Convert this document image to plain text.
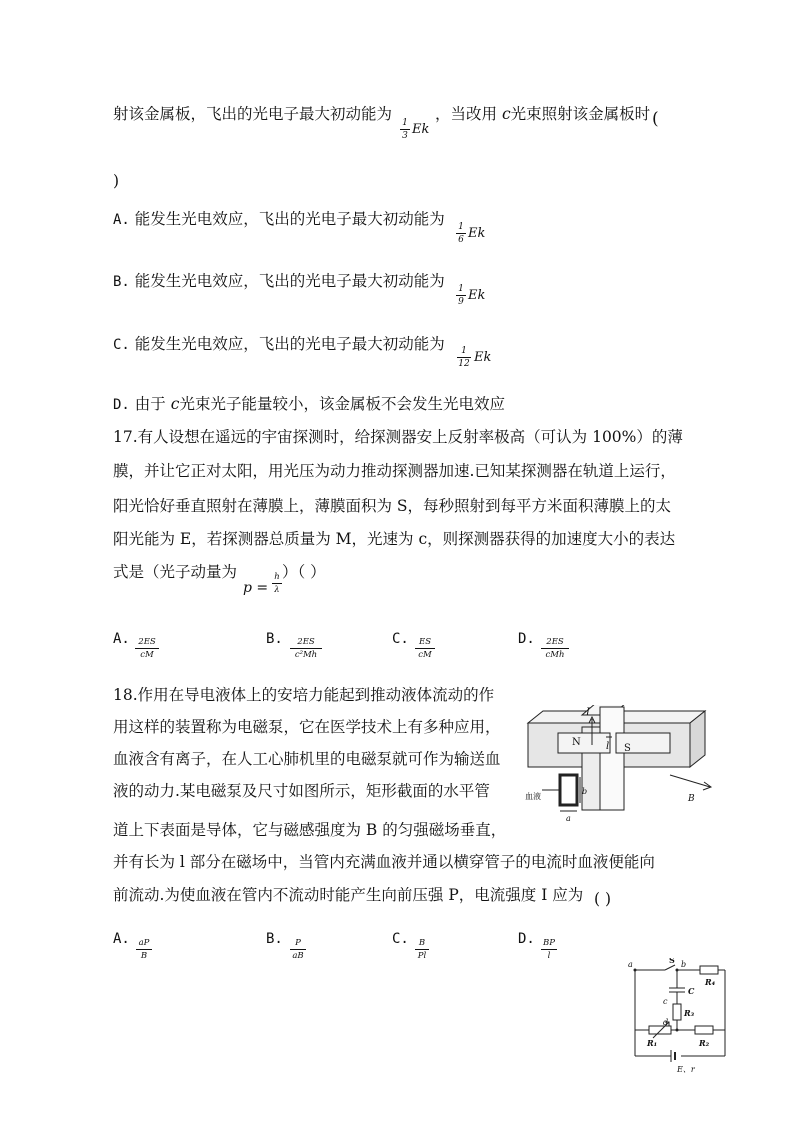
射该金属板，飞出的光电子最大初动能为 1
3 Ek
，当改用 c光束照射该金属板时 (
)
A. 能发生光电效应，飞出的光电子最大初动能为 1
6 Ek
B. 能发生光电效应，飞出的光电子最大初动能为 1
9 Ek
C. 能发生光电效应，飞出的光电子最大初动能为	1
12 Ek
D. 由于 c光束光子能量较小，该金属板不会发生光电效应
17.有人设想在遥远的宇宙探测时，给探测器安上反射率极高（可认为 100%）的薄
膜，并让它正对太阳，用光压为动力推动探测器加速.已知某探测器在轨道上运行，
阳光恰好垂直照射在薄膜上，薄膜面积为 S，每秒照射到每平方米面积薄膜上的太
阳光能为 E，若探测器总质量为 M，光速为 c，则探测器获得的加速度大小的表达
式是（光子动量为
p =
h
λ
）（ ）
A. 2ES
cM
B.	2ES
c²Mh
C.	ES
cM
D.	2ES
cMh
18.作用在导电液体上的安培力能起到推动液体流动的作
用这样的装置称为电磁泵，它在医学技术上有多种应用，
血液含有离子，在人工心肺机里的电磁泵就可作为输送血
液的动力.某电磁泵及尺寸如图所示，矩形截面的水平管
道上下表面是导体，它与磁感强度为 B 的匀强磁场垂直，
并有长为 l 部分在磁场中，当管内充满血液并通以横穿管子的电流时血液便能向
前流动.为使血液在管内不流动时能产生向前压强 P，电流强度 I 应为 ( )
I
N
S
l
血液
b
a
B
A.	aP
B
B.	P
aB
C.	B
Pl
D. BP
l
a	S b
R₄
C
c
R₃
d
R₁	R₂
E、r
